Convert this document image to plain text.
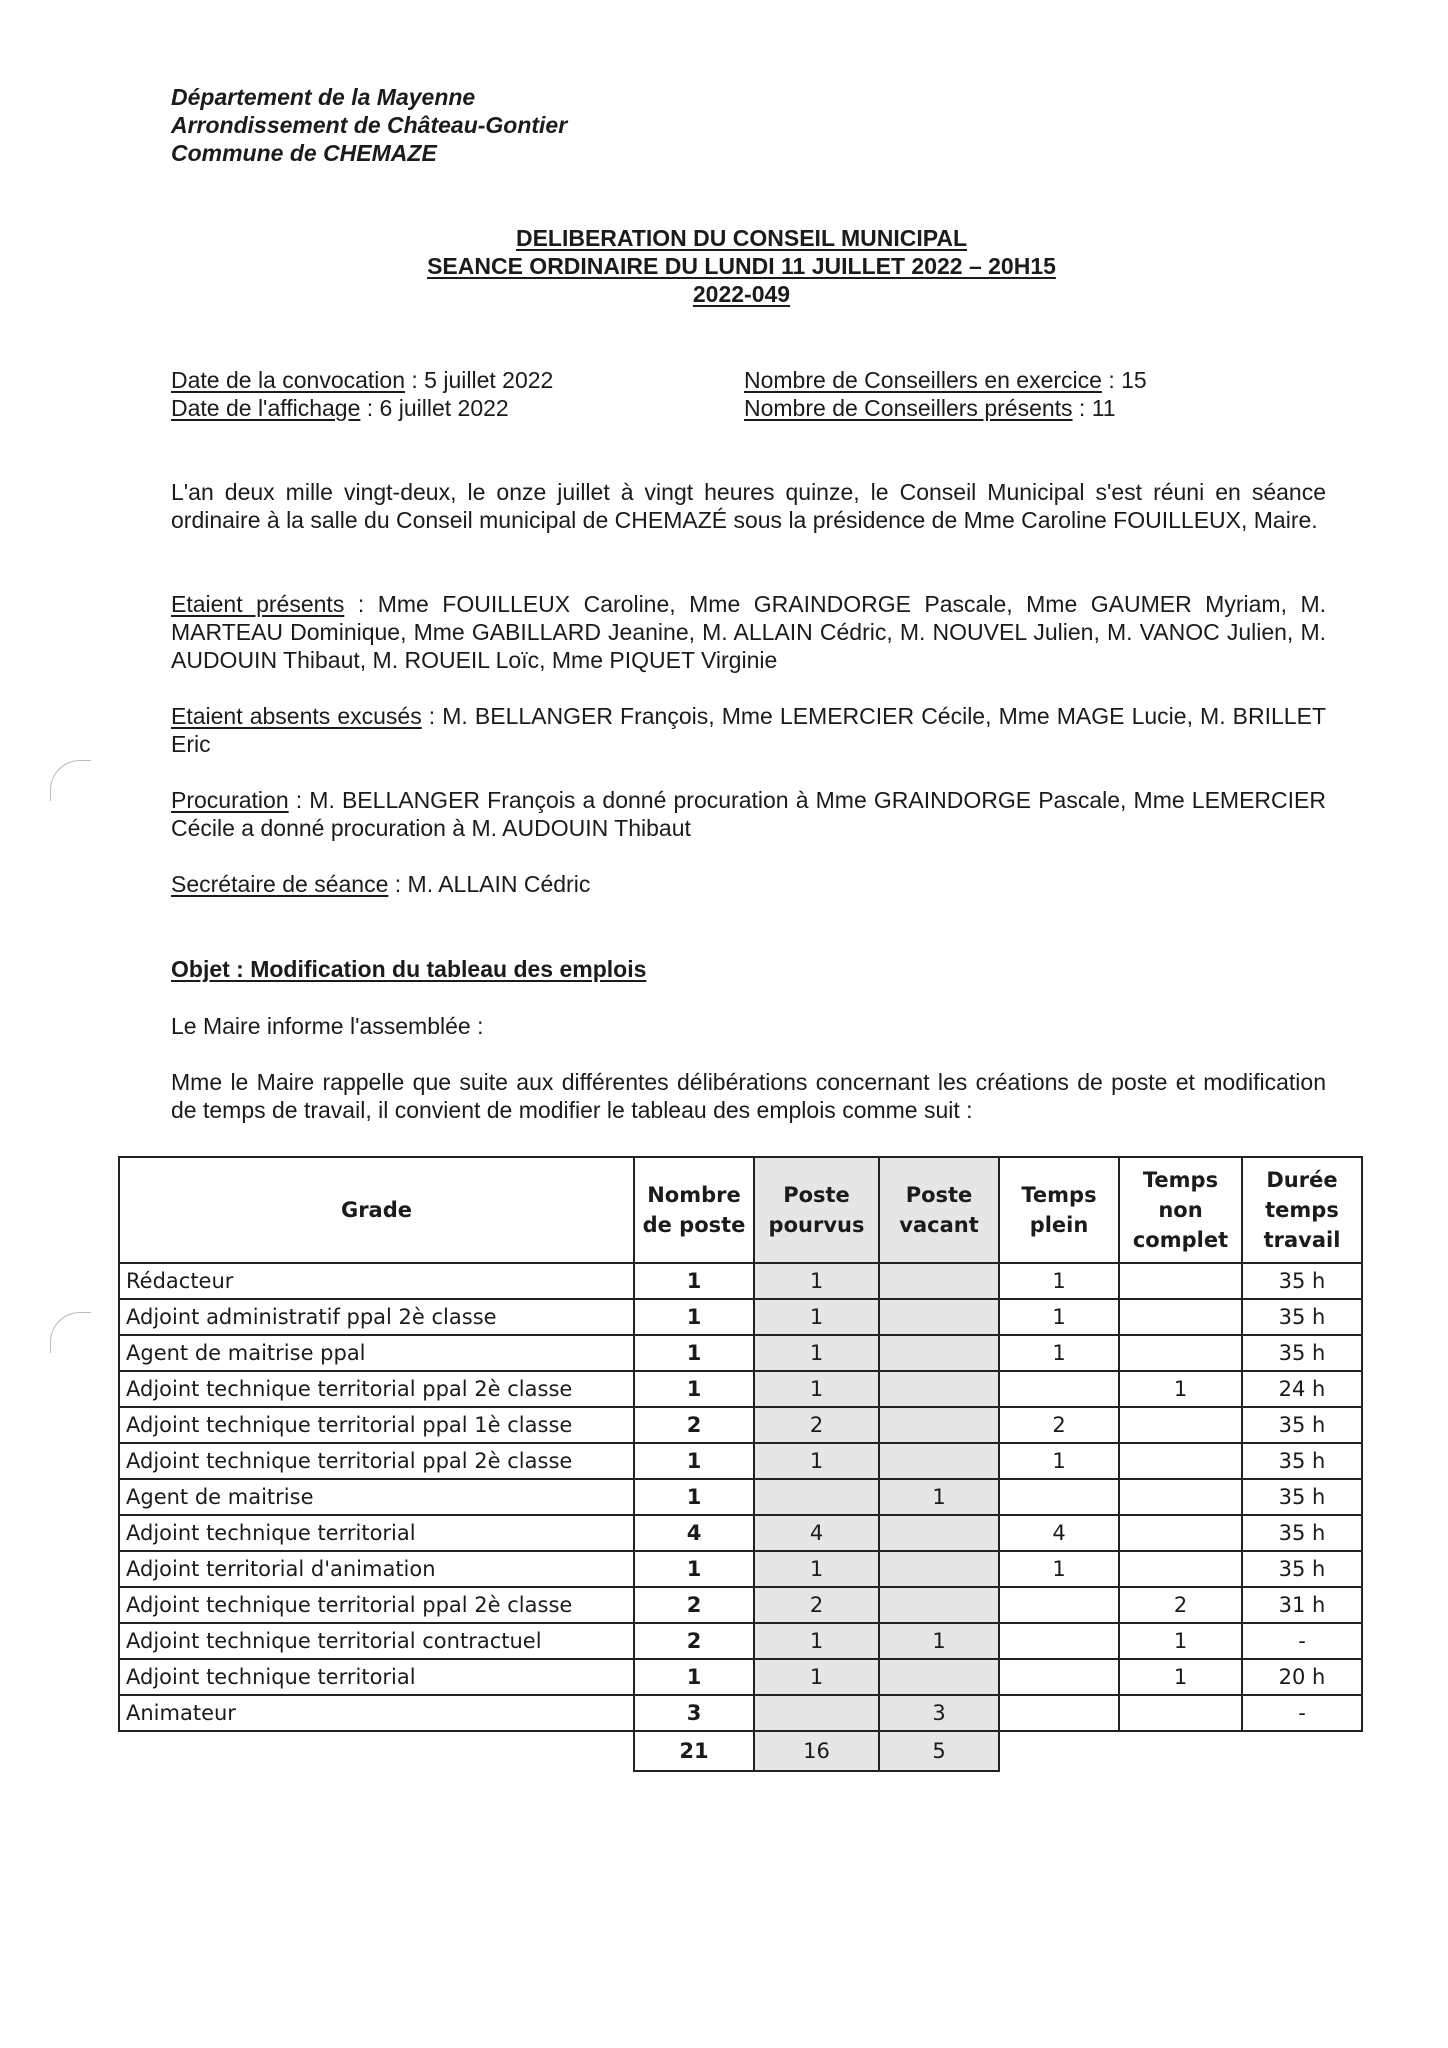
Département de la Mayenne
Arrondissement de Château-Gontier
Commune de CHEMAZE
DELIBERATION DU CONSEIL MUNICIPAL
SEANCE ORDINAIRE DU LUNDI 11 JUILLET 2022 – 20H15
2022-049
Date de la convocation : 5 juillet 2022
Date de l'affichage : 6 juillet 2022
Nombre de Conseillers en exercice : 15
Nombre de Conseillers présents : 11
L'an deux mille vingt-deux, le onze juillet à vingt heures quinze, le Conseil Municipal s'est réuni en séance ordinaire à la salle du Conseil municipal de CHEMAZÉ sous la présidence de Mme Caroline FOUILLEUX, Maire.
Etaient présents : Mme FOUILLEUX Caroline, Mme GRAINDORGE Pascale, Mme GAUMER Myriam, M. MARTEAU Dominique, Mme GABILLARD Jeanine, M. ALLAIN Cédric, M. NOUVEL Julien, M. VANOC Julien, M. AUDOUIN Thibaut, M. ROUEIL Loïc, Mme PIQUET Virginie
Etaient absents excusés : M. BELLANGER François, Mme LEMERCIER Cécile, Mme MAGE Lucie, M. BRILLET Eric
Procuration : M. BELLANGER François a donné procuration à Mme GRAINDORGE Pascale, Mme LEMERCIER Cécile a donné procuration à M. AUDOUIN Thibaut
Secrétaire de séance : M. ALLAIN Cédric
Objet : Modification du tableau des emplois
Le Maire informe l'assemblée :
Mme le Maire rappelle que suite aux différentes délibérations concernant les créations de poste et modification de temps de travail, il convient de modifier le tableau des emplois comme suit :
Grade	Nombre de poste	Poste pourvus	Poste vacant	Temps plein	Temps non complet	Durée temps travail
Rédacteur	1	1		1		35 h
Adjoint administratif ppal 2è classe	1	1		1		35 h
Agent de maitrise ppal	1	1		1		35 h
Adjoint technique territorial ppal 2è classe	1	1			1	24 h
Adjoint technique territorial ppal 1è classe	2	2		2		35 h
Adjoint technique territorial ppal 2è classe	1	1		1		35 h
Agent de maitrise	1		1			35 h
Adjoint technique territorial	4	4		4		35 h
Adjoint territorial d'animation	1	1		1		35 h
Adjoint technique territorial ppal 2è classe	2	2			2	31 h
Adjoint technique territorial contractuel	2	1	1		1	-
Adjoint technique territorial	1	1			1	20 h
Animateur	3		3			-
	21	16	5			
